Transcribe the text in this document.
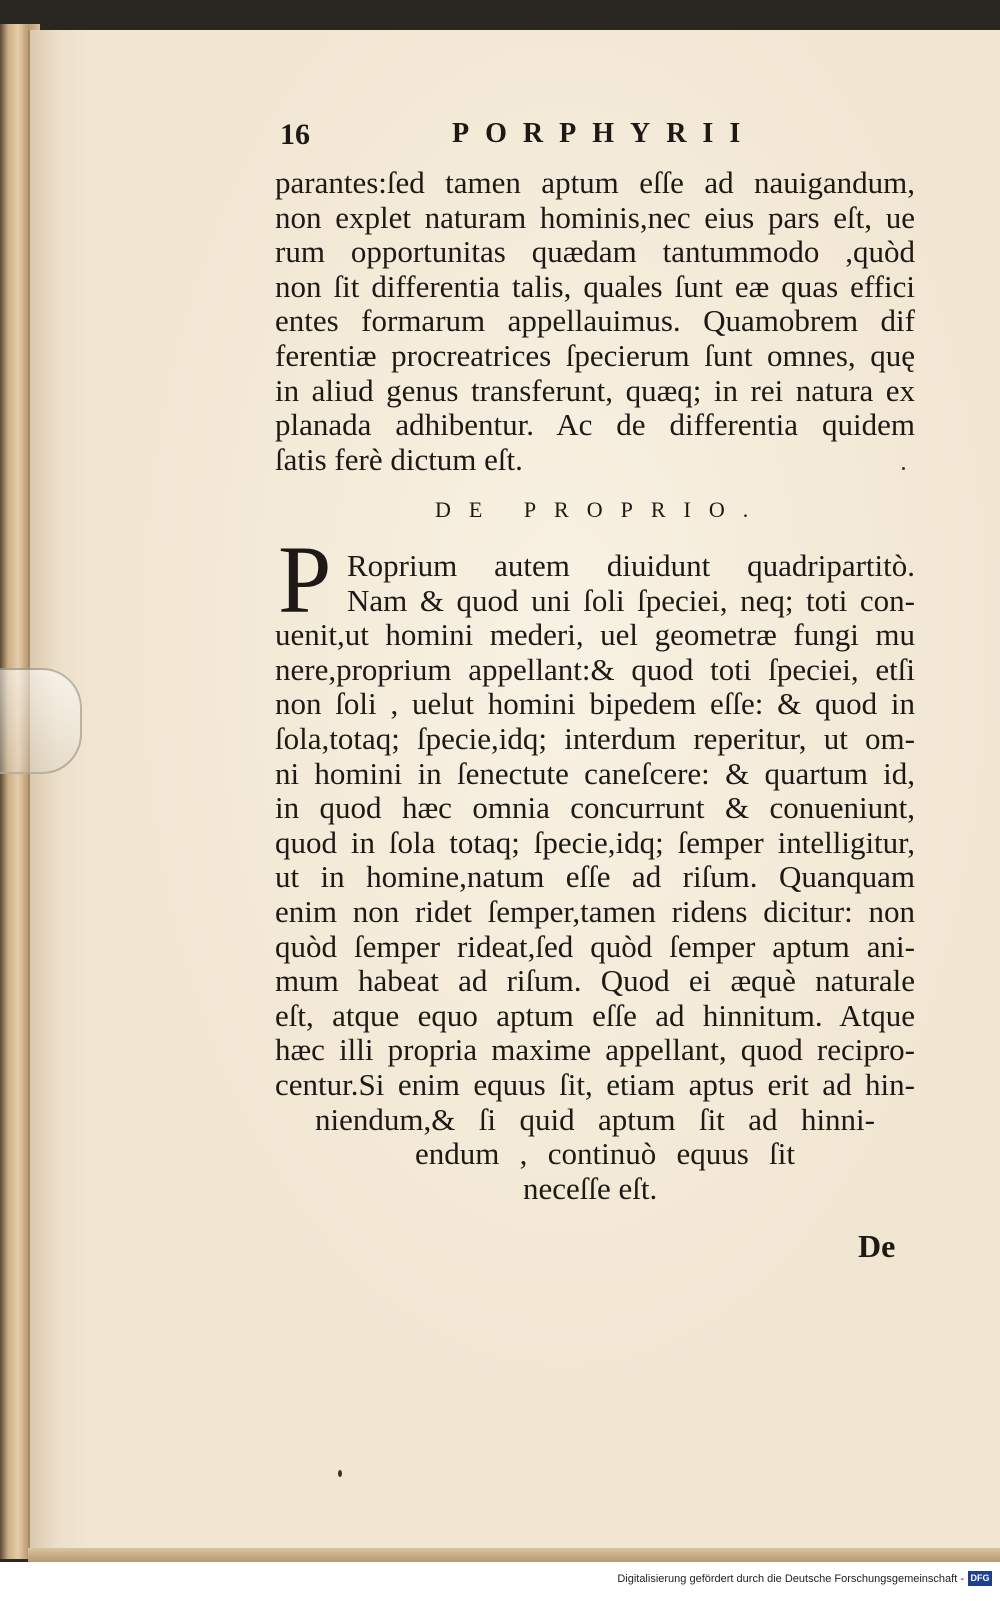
16	PORPHYRII
parantes:ſed tamen aptum eſſe ad nauigandum,
non explet naturam hominis,nec eius pars eſt, ue
rum opportunitas quædam tantummodo ,quòd
non ſit differentia talis, quales ſunt eæ quas effici
entes formarum appellauimus. Quamobrem dif
ferentiæ procreatrices ſpecierum ſunt omnes, quę
in aliud genus transferunt, quæq; in rei natura ex
planada adhibentur. Ac de differentia quidem
ſatis ferè dictum eſt.
DE PROPRIO.
P Roprium autem diuidunt quadripartitò.
Nam & quod uni ſoli ſpeciei, neq; toti con-
uenit,ut homini mederi, uel geometræ fungi mu
nere,proprium appellant:& quod toti ſpeciei, etſi
non ſoli , uelut homini bipedem eſſe: & quod in
ſola,totaq; ſpecie,idq; interdum reperitur, ut om-
ni homini in ſenectute caneſcere: & quartum id,
in quod hæc omnia concurrunt & conueniunt,
quod in ſola totaq; ſpecie,idq; ſemper intelligitur,
ut in homine,natum eſſe ad riſum. Quanquam
enim non ridet ſemper,tamen ridens dicitur: non
quòd ſemper rideat,ſed quòd ſemper aptum ani-
mum habeat ad riſum. Quod ei æquè naturale
eſt, atque equo aptum eſſe ad hinnitum. Atque
hæc illi propria maxime appellant, quod recipro-
centur.Si enim equus ſit, etiam aptus erit ad hin-
niendum,& ſi quid aptum ſit ad hinni-
endum , continuò equus ſit
neceſſe eſt.
De
Digitalisierung gefördert durch die Deutsche Forschungsgemeinschaft - DFG
